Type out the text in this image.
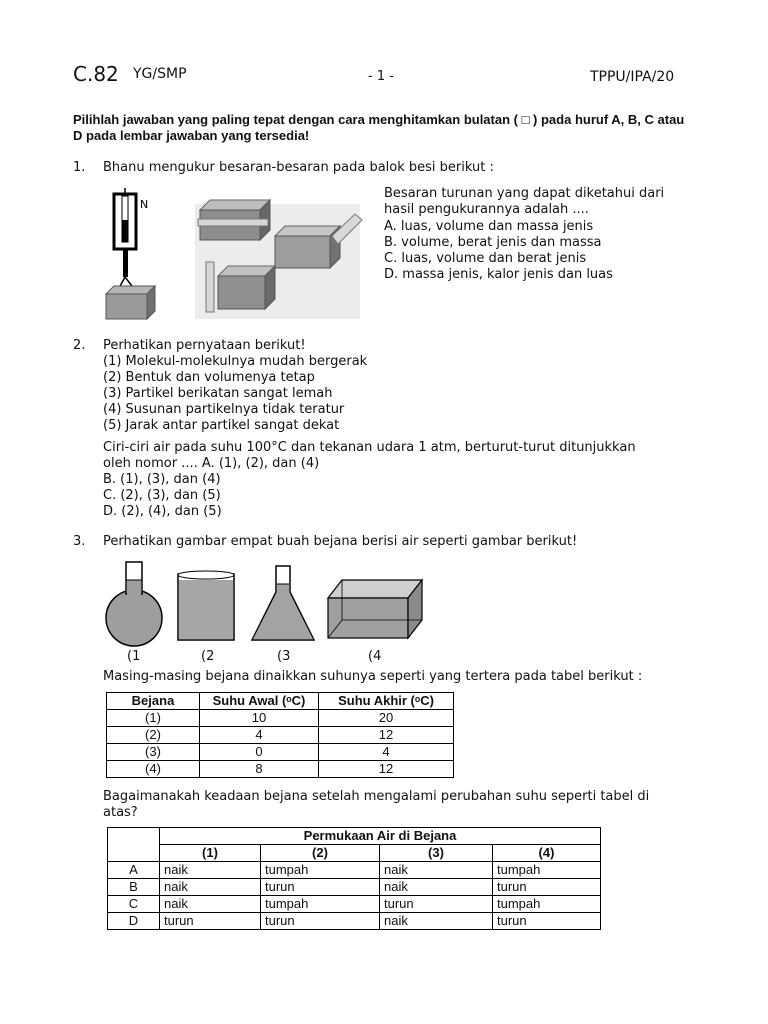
C.82 YG/SMP	- 1 -	TPPU/IPA/20
Pilihlah jawaban yang paling tepat dengan cara menghitamkan bulatan ( □ ) pada huruf A, B, C atau D pada lembar jawaban yang tersedia!
1. Bhanu mengukur besaran-besaran pada balok besi berikut :
N
Besaran turunan yang dapat diketahui dari
hasil pengukurannya adalah ....
A. luas, volume dan massa jenis
B. volume, berat jenis dan massa
C. luas, volume dan berat jenis
D. massa jenis, kalor jenis dan luas
2. Perhatikan pernyataan berikut!
(1) Molekul-molekulnya mudah bergerak
(2) Bentuk dan volumenya tetap
(3) Partikel berikatan sangat lemah
(4) Susunan partikelnya tidak teratur
(5) Jarak antar partikel sangat dekat
Ciri-ciri air pada suhu 100°C dan tekanan udara 1 atm, berturut-turut ditunjukkan
oleh nomor .... A. (1), (2), dan (4)
B. (1), (3), dan (4)
C. (2), (3), dan (5)
D. (2), (4), dan (5)
3. Perhatikan gambar empat buah bejana berisi air seperti gambar berikut!
(1	(2	(3	(4
Masing-masing bejana dinaikkan suhunya seperti yang tertera pada tabel berikut :
Bejana	Suhu Awal (ᵒC)	Suhu Akhir (ᵒC)
(1)	10	20
(2)	4	12
(3)	0	4
(4)	8	12
Bagaimanakah keadaan bejana setelah mengalami perubahan suhu seperti tabel di
atas?
	Permukaan Air di Bejana			
	(1)	(2)	(3)	(4)
A	naik	tumpah	naik	tumpah
B	naik	turun	naik	turun
C	naik	tumpah	turun	tumpah
D	turun	turun	naik	turun
